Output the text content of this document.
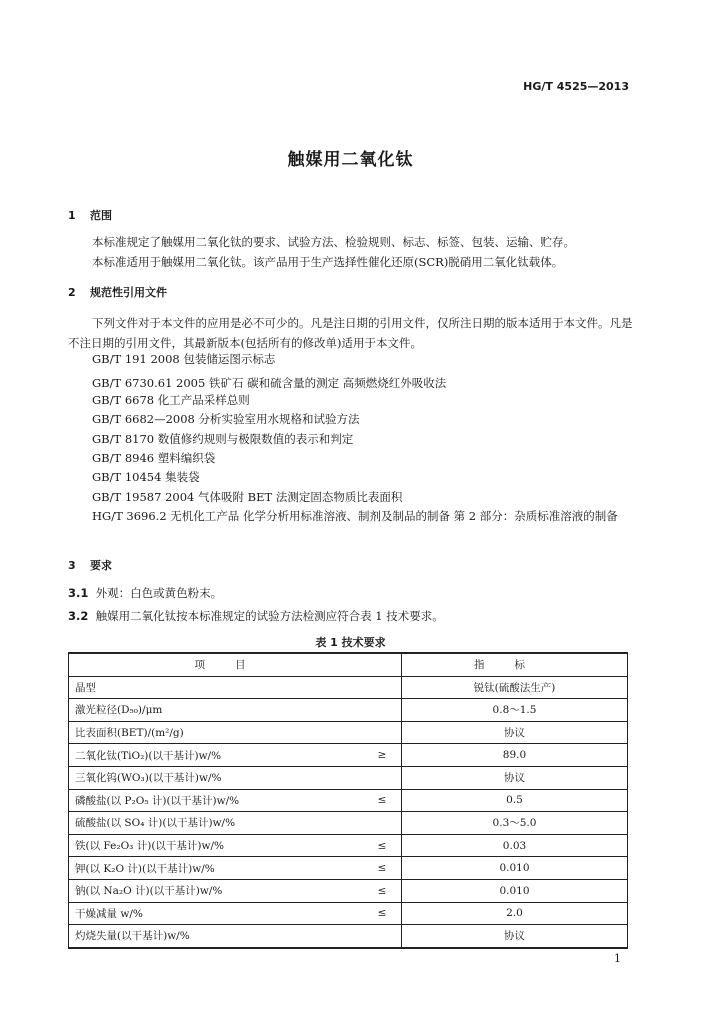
HG/T 4525—2013
触媒用二氧化钛
1 范围
本标准规定了触媒用二氧化钛的要求、试验方法、检验规则、标志、标签、包装、运输、贮存。
本标准适用于触媒用二氧化钛。该产品用于生产选择性催化还原(SCR)脱硝用二氧化钛载体。
2 规范性引用文件
下列文件对于本文件的应用是必不可少的。凡是注日期的引用文件，仅所注日期的版本适用于本文件。凡是不注日期的引用文件，其最新版本(包括所有的修改单)适用于本文件。
GB/T 191 2008 包装储运图示标志
GB/T 6730.61 2005 铁矿石 碳和硫含量的测定 高频燃烧红外吸收法
GB/T 6678 化工产品采样总则
GB/T 6682—2008 分析实验室用水规格和试验方法
GB/T 8170 数值修约规则与极限数值的表示和判定
GB/T 8946 塑料编织袋
GB/T 10454 集装袋
GB/T 19587 2004 气体吸附 BET 法测定固态物质比表面积
HG/T 3696.2 无机化工产品 化学分析用标准溶液、制剂及制品的制备 第 2 部分：杂质标准溶液的制备
3 要求
3.1 外观：白色或黄色粉末。
3.2 触媒用二氧化钛按本标准规定的试验方法检测应符合表 1 技术要求。
表 1 技术要求
项目		指标
晶型		锐钛(硫酸法生产)
激光粒径(D₅₀)/μm		0.8～1.5
比表面积(BET)/(m²/g)		协议
二氧化钛(TiO₂)(以干基计)w/%	≥	89.0
三氧化钨(WO₃)(以干基计)w/%		协议
磷酸盐(以 P₂O₅ 计)(以干基计)w/%	≤	0.5
硫酸盐(以 SO₄ 计)(以干基计)w/%		0.3～5.0
铁(以 Fe₂O₃ 计)(以干基计)w/%	≤	0.03
钾(以 K₂O 计)(以干基计)w/%	≤	0.010
钠(以 Na₂O 计)(以干基计)w/%	≤	0.010
干燥减量 w/%	≤	2.0
灼烧失量(以干基计)w/%		协议
1
